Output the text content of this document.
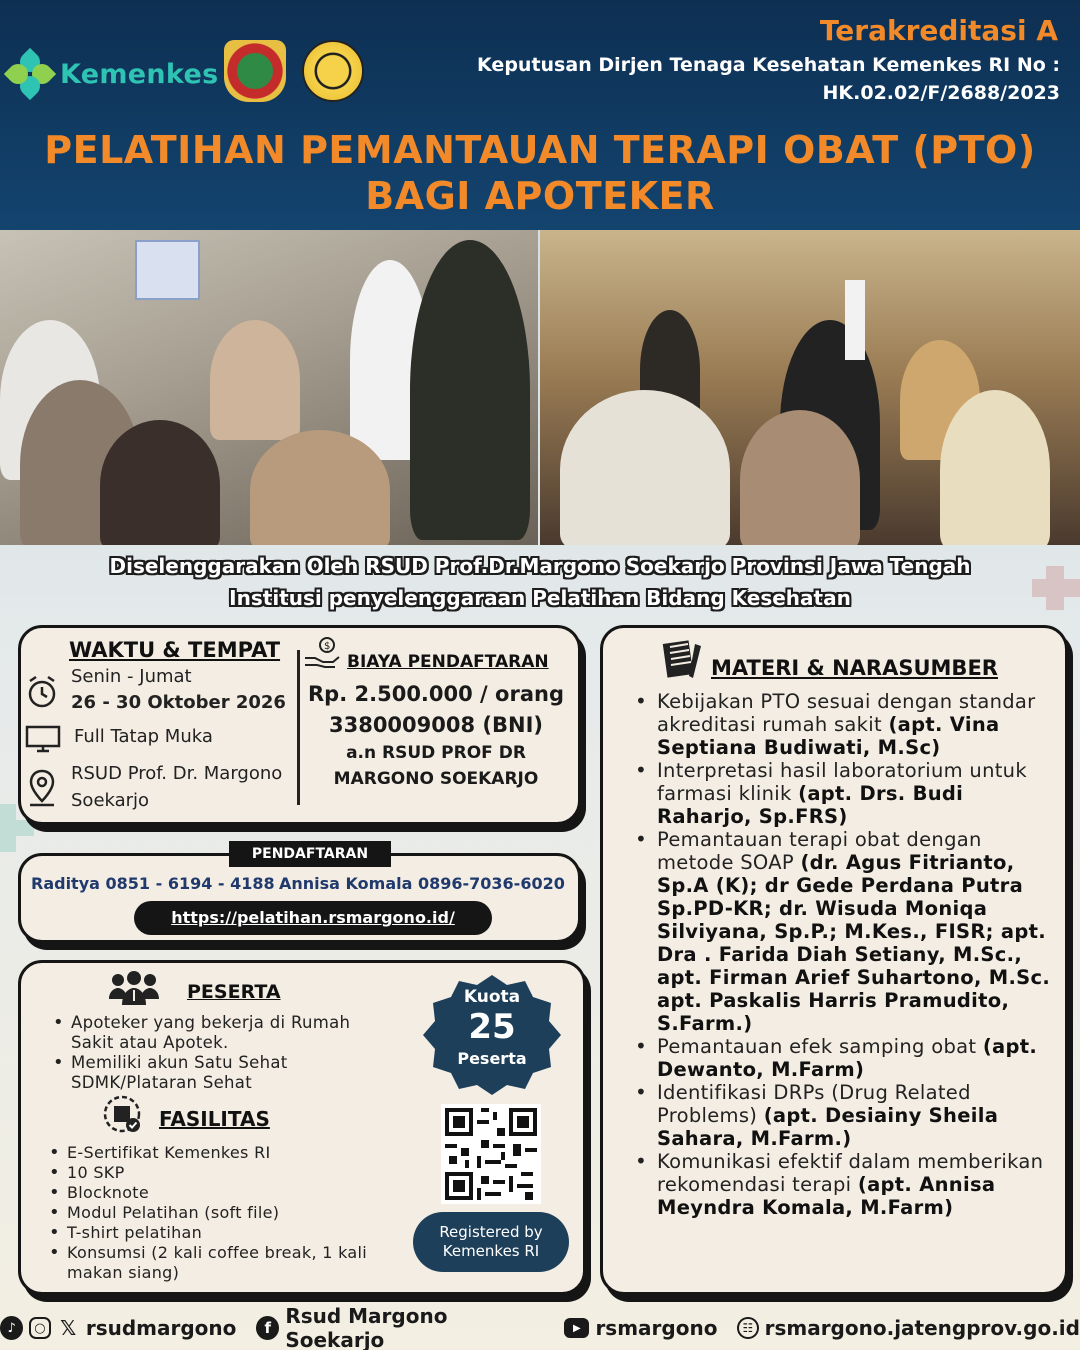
Kemenkes
Terakreditasi A
Keputusan Dirjen Tenaga Kesehatan Kemenkes RI No :
HK.02.02/F/2688/2023
PELATIHAN PEMANTAUAN TERAPI OBAT (PTO)
BAGI APOTEKER
Diselenggarakan Oleh RSUD Prof.Dr.Margono Soekarjo Provinsi Jawa Tengah
Institusi penyelenggaraan Pelatihan Bidang Kesehatan
WAKTU & TEMPAT
Senin - Jumat
26 - 30 Oktober 2026
Full Tatap Muka
RSUD Prof. Dr. Margono
Soekarjo
$
BIAYA PENDAFTARAN
Rp. 2.500.000 / orang
3380009008 (BNI)
a.n RSUD PROF DR
MARGONO SOEKARJO
PENDAFTARAN
Raditya 0851 - 6194 - 4188 Annisa Komala 0896-7036-6020
https://pelatihan.rsmargono.id/
PESERTA
• Apoteker yang bekerja di Rumah Sakit atau Apotek.
• Memiliki akun Satu Sehat SDMK/Plataran Sehat
FASILITAS
• E-Sertifikat Kemenkes RI
• 10 SKP
• Blocknote
• Modul Pelatihan (soft file)
• T-shirt pelatihan
• Konsumsi (2 kali coffee break, 1 kali makan siang)
Kuota
25
Peserta
Registered by
Kemenkes RI
MATERI & NARASUMBER
• Kebijakan PTO sesuai dengan standar akreditasi rumah sakit (apt. Vina Septiana Budiwati, M.Sc)
• Interpretasi hasil laboratorium untuk farmasi klinik (apt. Drs. Budi Raharjo, Sp.FRS)
• Pemantauan terapi obat dengan metode SOAP (dr. Agus Fitrianto, Sp.A (K); dr Gede Perdana Putra Sp.PD-KR; dr. Wisuda Moniqa Silviyana, Sp.P.; M.Kes., FISR; apt. Dra . Farida Diah Setiany, M.Sc., apt. Firman Arief Suhartono, M.Sc. apt. Paskalis Harris Pramudito, S.Farm.)
• Pemantauan efek samping obat (apt. Dewanto, M.Farm)
• Identifikasi DRPs (Drug Related Problems) (apt. Desiainy Sheila Sahara, M.Farm.)
• Komunikasi efektif dalam memberikan rekomendasi terapi (apt. Annisa Meyndra Komala, M.Farm)
♪	○ 𝕏 rsudmargono	f Rsud Margono Soekarjo	▶ rsmargono	☷ rsmargono.jatengprov.go.id
